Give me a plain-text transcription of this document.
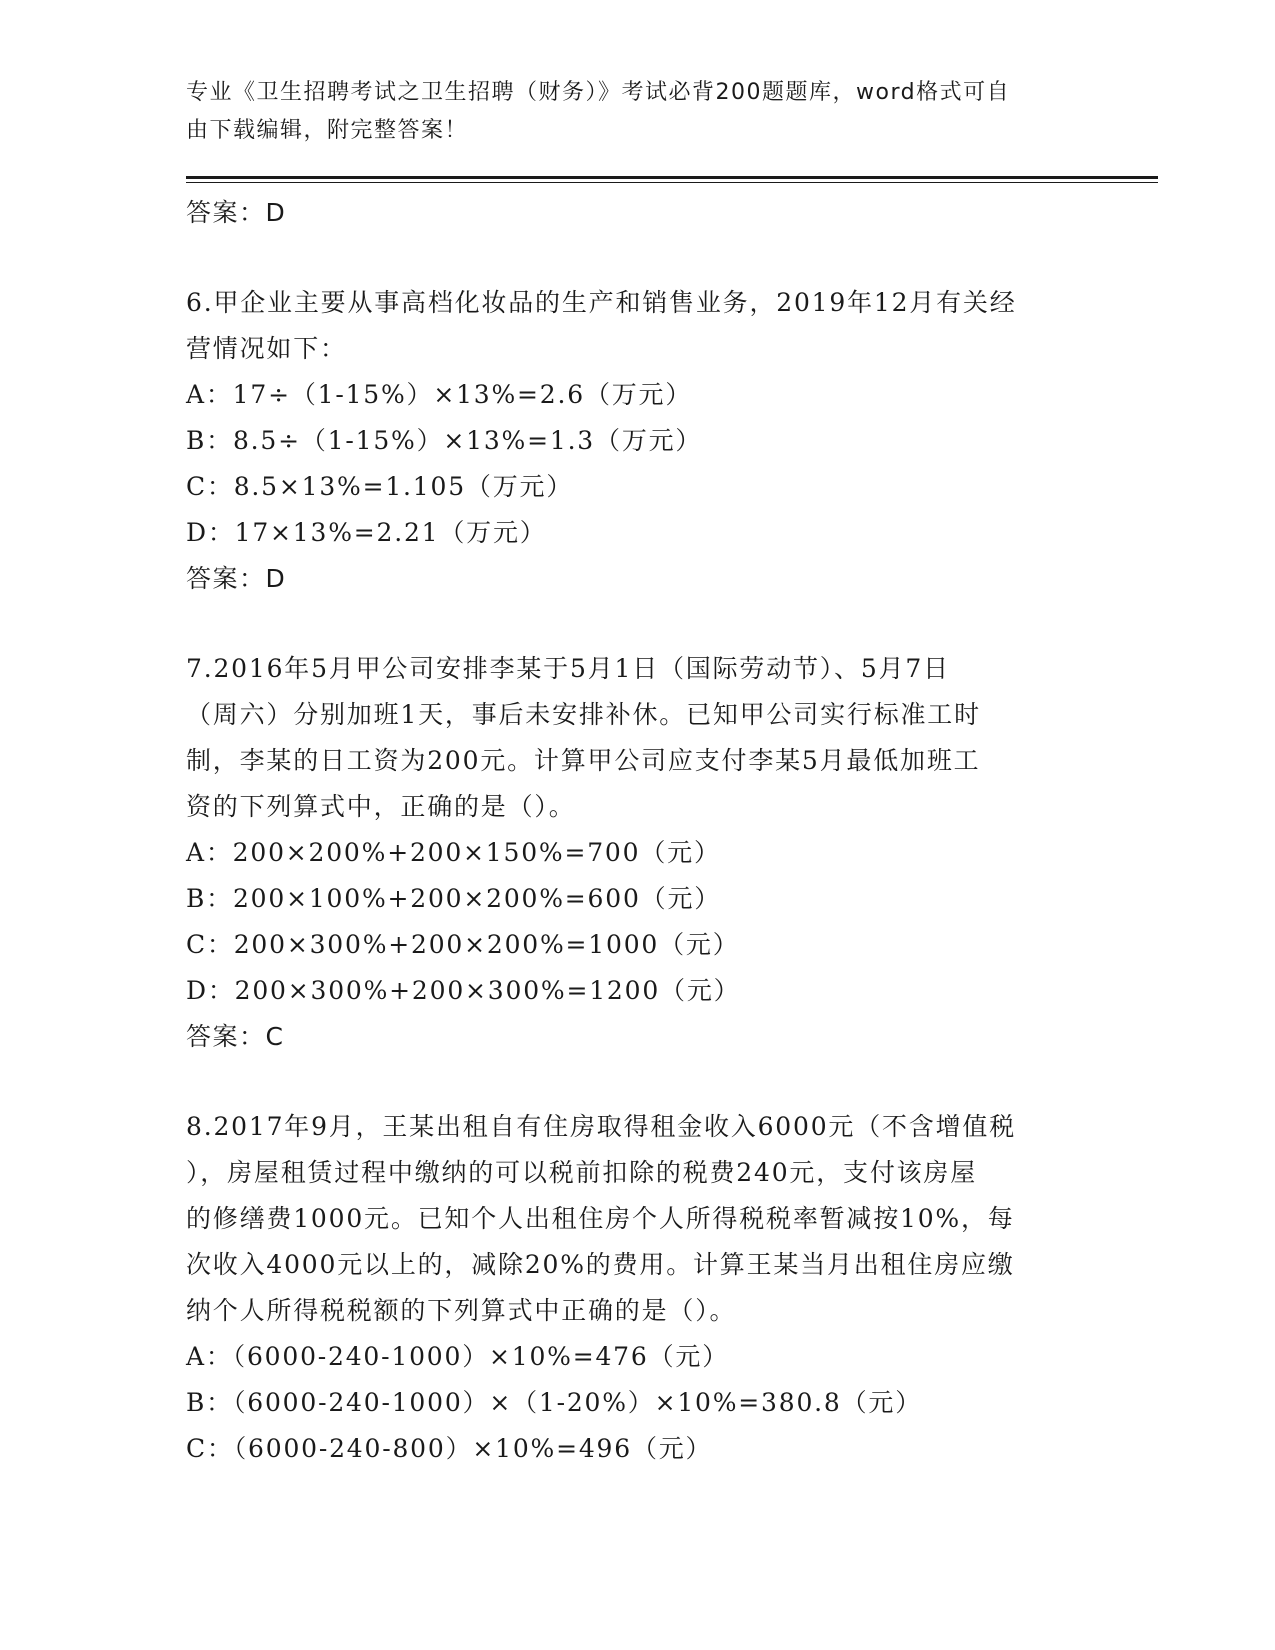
专业《卫生招聘考试之卫生招聘（财务）》考试必背200题题库，word格式可自
由下载编辑，附完整答案！
答案：D
6.甲企业主要从事高档化妆品的生产和销售业务，2019年12月有关经
营情况如下：
A：17÷（1-15%）×13%=2.6（万元）
B：8.5÷（1-15%）×13%=1.3（万元）
C：8.5×13%=1.105（万元）
D：17×13%=2.21（万元）
答案：D
7.2016年5月甲公司安排李某于5月1日（国际劳动节）、5月7日
（周六）分别加班1天，事后未安排补休。已知甲公司实行标准工时
制，李某的日工资为200元。计算甲公司应支付李某5月最低加班工
资的下列算式中，正确的是（）。
A：200×200%+200×150%=700（元）
B：200×100%+200×200%=600（元）
C：200×300%+200×200%=1000（元）
D：200×300%+200×300%=1200（元）
答案：C
8.2017年9月，王某出租自有住房取得租金收入6000元（不含增值税
），房屋租赁过程中缴纳的可以税前扣除的税费240元，支付该房屋
的修缮费1000元。已知个人出租住房个人所得税税率暂减按10%，每
次收入4000元以上的，减除20%的费用。计算王某当月出租住房应缴
纳个人所得税税额的下列算式中正确的是（）。
A：（6000-240-1000）×10%=476（元）
B：（6000-240-1000）×（1-20%）×10%=380.8（元）
C：（6000-240-800）×10%=496（元）
